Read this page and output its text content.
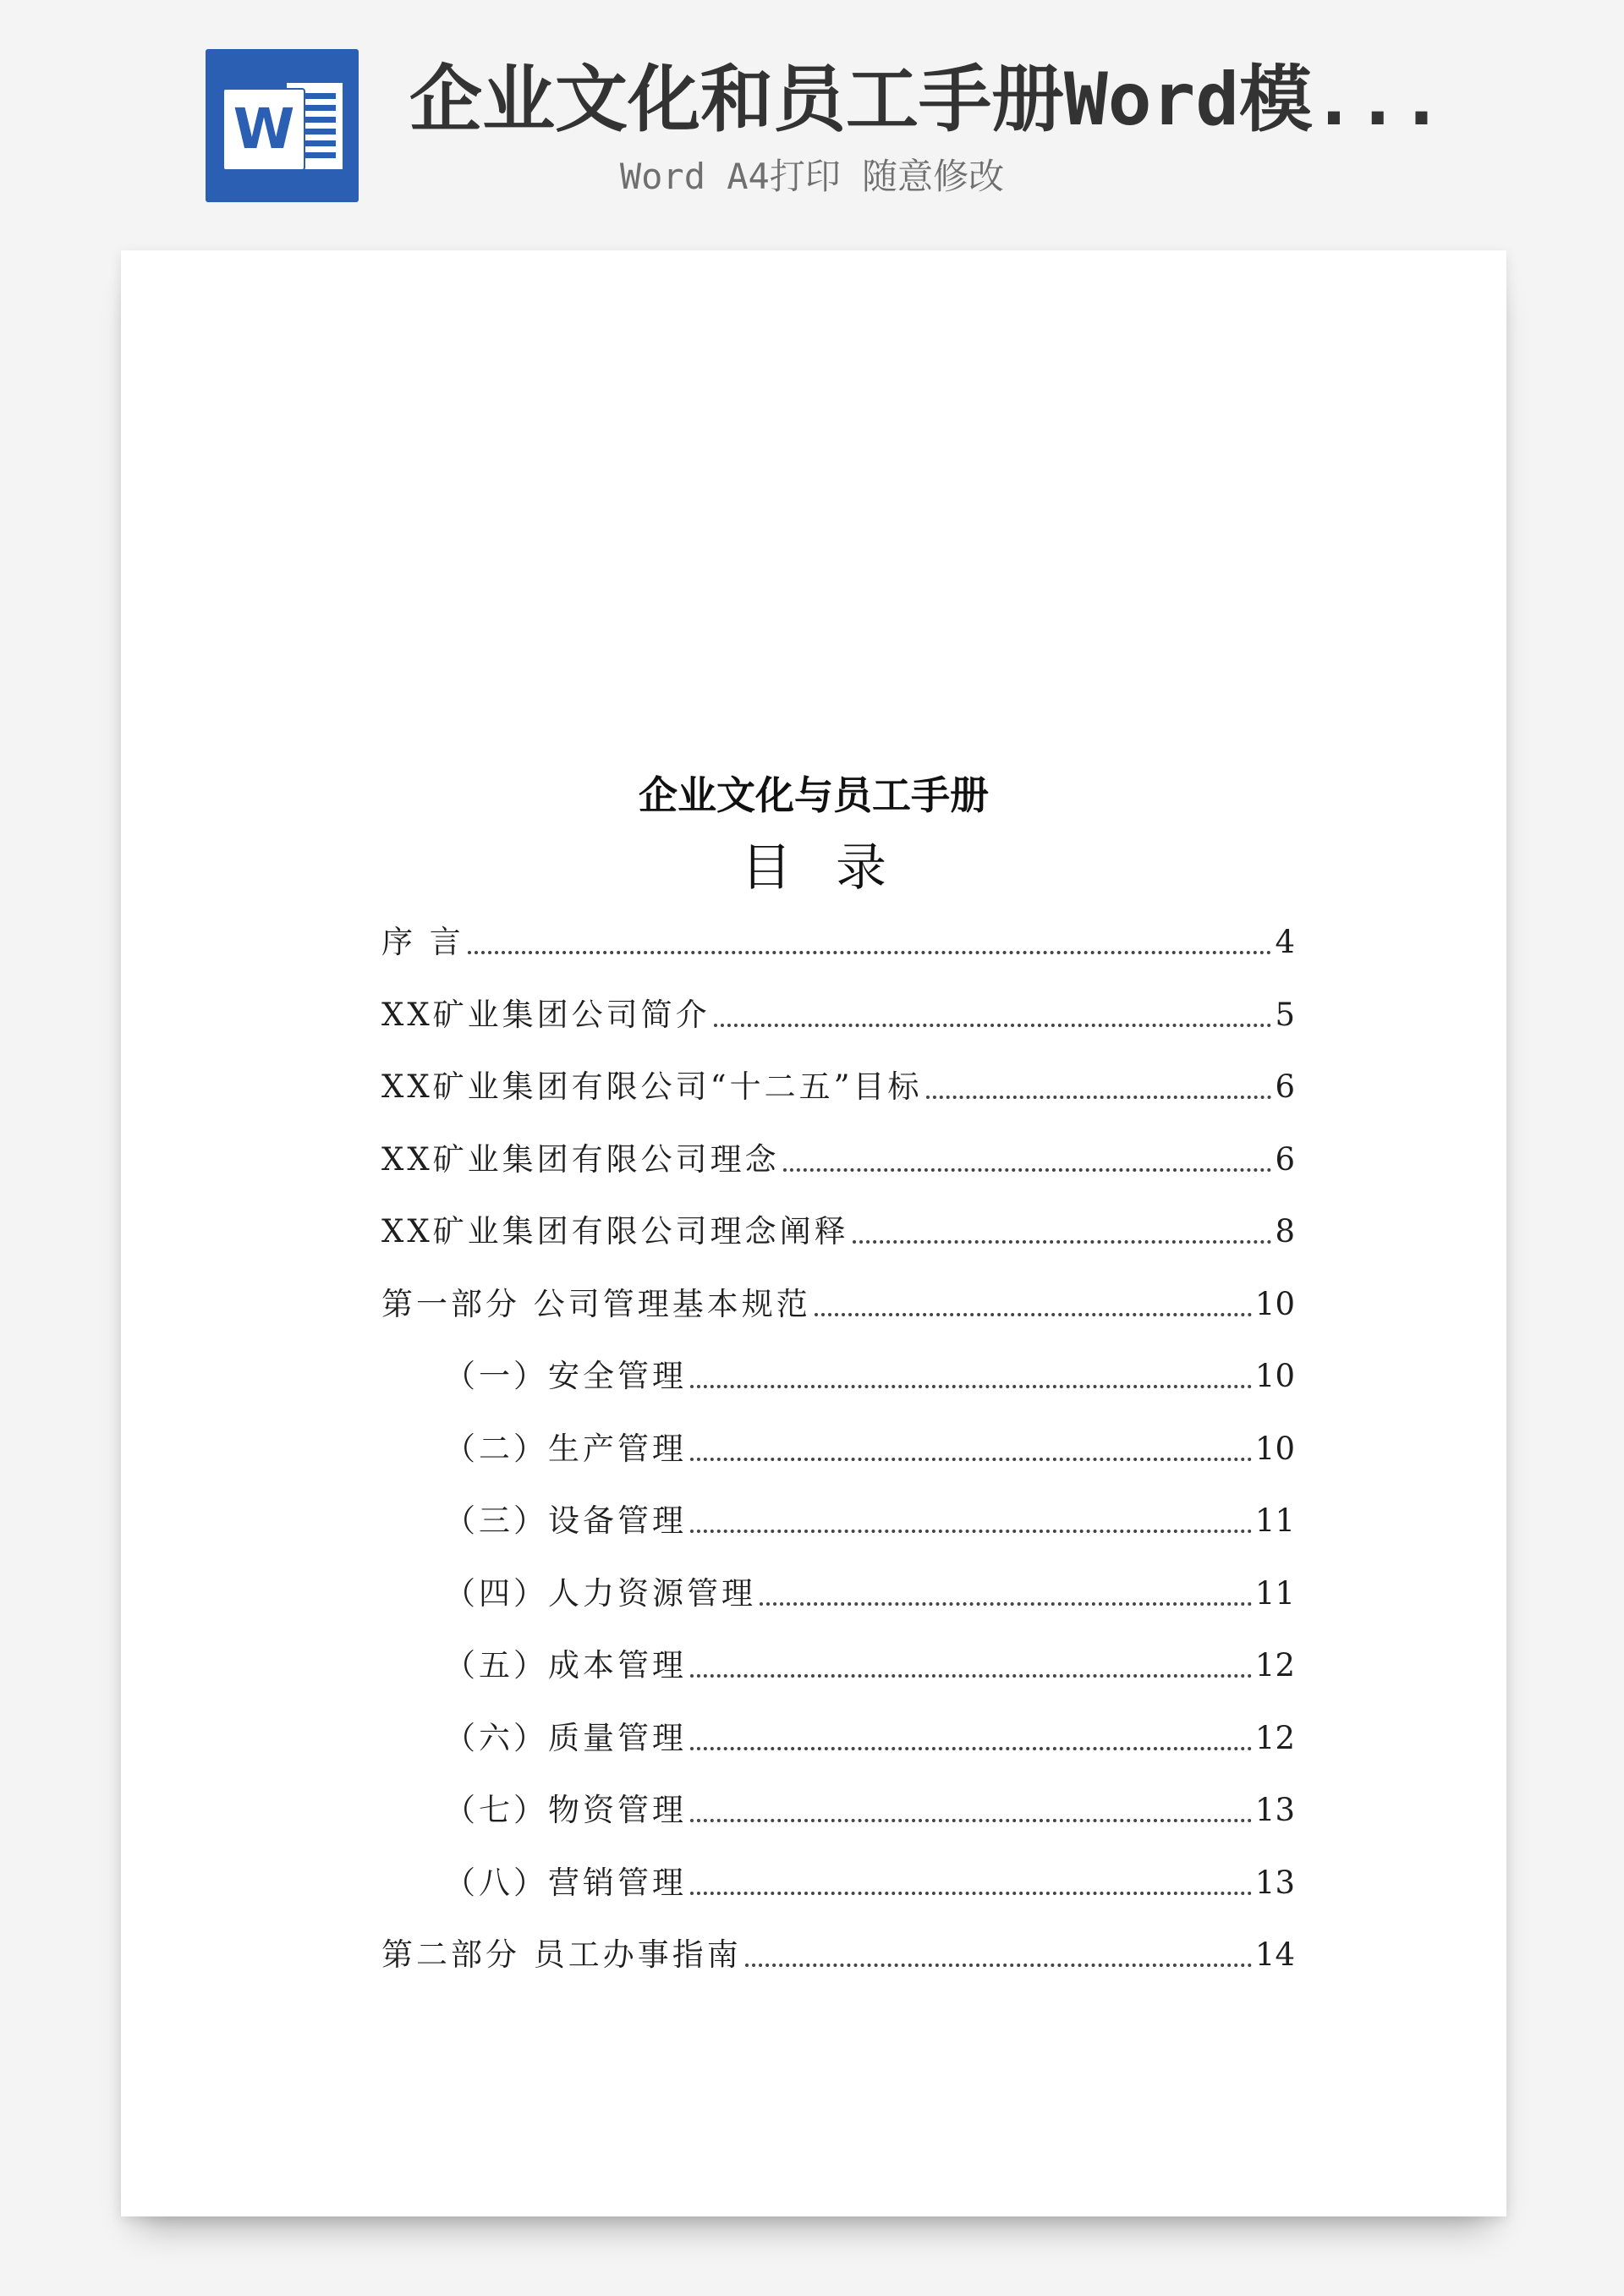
W 企业文化和员工手册Word模...
Word A4打印 随意修改
企业文化与员工手册
目录
序 言	4
XX矿业集团公司简介	5
XX矿业集团有限公司“十二五”目标	6
XX矿业集团有限公司理念	6
XX矿业集团有限公司理念阐释	8
第一部分 公司管理基本规范	10
（一）安全管理	10
（二）生产管理	10
（三）设备管理	11
（四）人力资源管理	11
（五）成本管理	12
（六）质量管理	12
（七）物资管理	13
（八）营销管理	13
第二部分 员工办事指南	14
